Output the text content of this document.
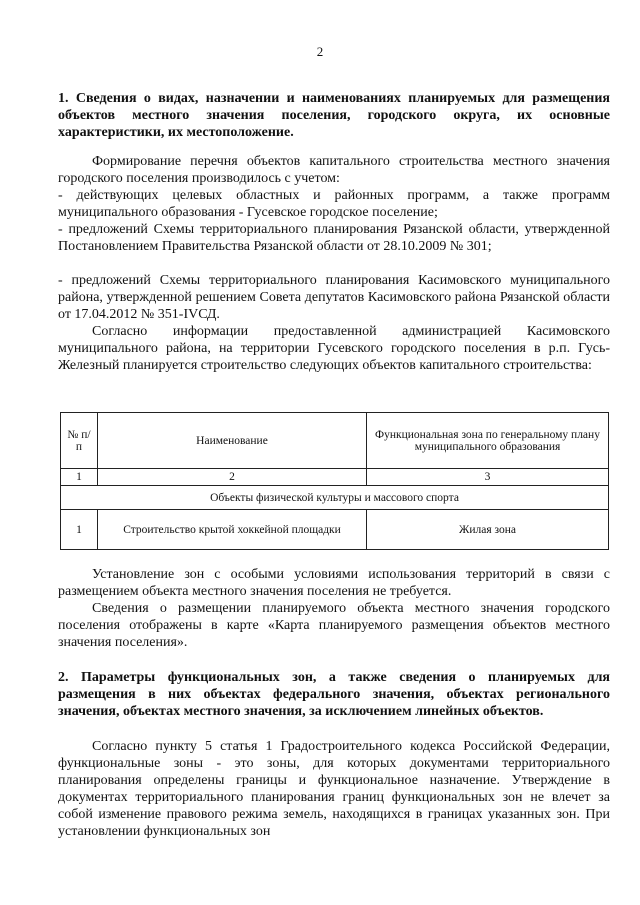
2
1. Сведения о видах, назначении и наименованиях планируемых для размещения объектов местного значения поселения, городского округа, их основные характеристики, их местоположение.

Формирование перечня объектов капитального строительства местного значения городского поселения производилось с учетом:

- действующих целевых областных и районных программ, а также программ муниципального образования - Гусевское городское поселение;

- предложений Схемы территориального планирования Рязанской области, утвержденной Постановлением Правительства Рязанской области от 28.10.2009 № 301;

- предложений Схемы территориального планирования Касимовского муниципального района, утвержденной решением Совета депутатов Касимовского района Рязанской области от 17.04.2012 № 351-IVСД.

Согласно информации предоставленной администрацией Касимовского муниципального района, на территории Гусевского городского поселения в р.п. Гусь-Железный планируется строительство следующих объектов капитального строительства:

№ п/п	Наименование	Функциональная зона по генеральному плану муниципального образования
1	2	3
Объекты физической культуры и массового спорта		
1	Строительство крытой хоккейной площадки	Жилая зона

Установление зон с особыми условиями использования территорий в связи с размещением объекта местного значения поселения не требуется.

Сведения о размещении планируемого объекта местного значения городского поселения отображены в карте «Карта планируемого размещения объектов местного значения поселения».

2. Параметры функциональных зон, а также сведения о планируемых для размещения в них объектах федерального значения, объектах регионального значения, объектах местного значения, за исключением линейных объектов.

Согласно пункту 5 статья 1 Градостроительного кодекса Российской Федерации, функциональные зоны - это зоны, для которых документами территориального планирования определены границы и функциональное назначение. Утверждение в документах территориального планирования границ функциональных зон не влечет за собой изменение правового режима земель, находящихся в границах указанных зон. При установлении функциональных зон
